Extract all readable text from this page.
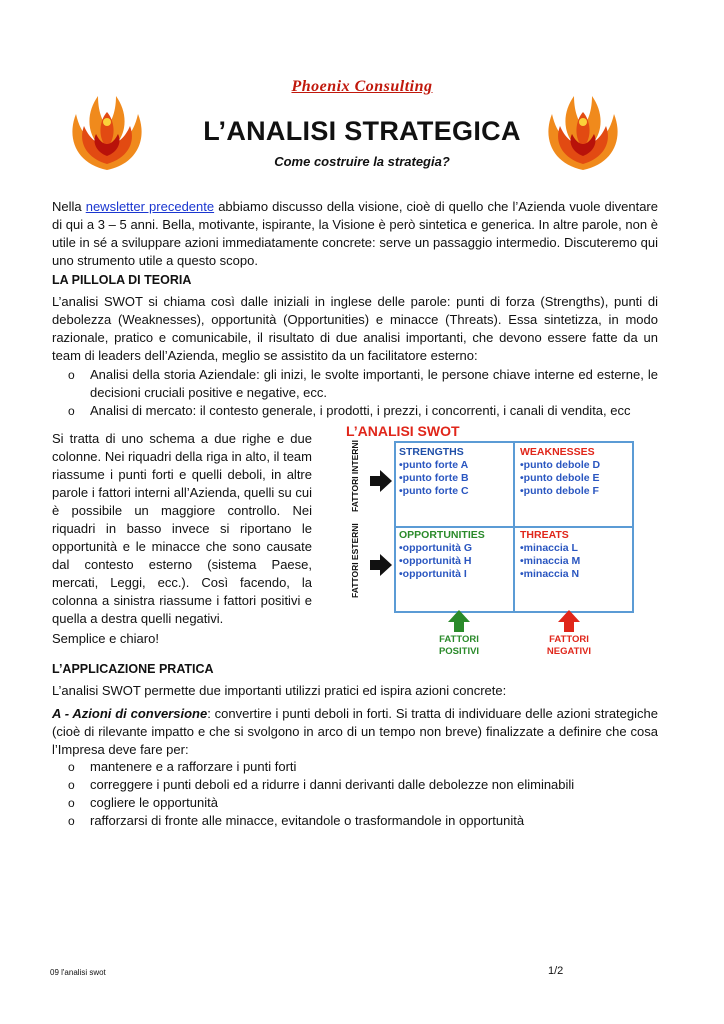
Phoenix Consulting
L’ANALISI STRATEGICA
Come costruire la strategia?
Nella newsletter precedente abbiamo discusso della visione, cioè di quello che l’Azienda vuole diventare di qui a 3 – 5 anni. Bella, motivante, ispirante, la Visione è però sintetica e generica. In altre parole, non è utile in sé a sviluppare azioni immediatamente concrete: serve un passaggio intermedio. Discuteremo qui uno strumento utile a questo scopo.
LA PILLOLA DI TEORIA
L’analisi SWOT si chiama così dalle iniziali in inglese delle parole: punti di forza (Strengths), punti di debolezza (Weaknesses), opportunità (Opportunities) e minacce (Threats). Essa sintetizza, in modo razionale, pratico e comunicabile, il risultato di due analisi importanti, che devono essere fatte da un team di leaders dell’Azienda, meglio se assistito da un facilitatore esterno:
o Analisi della storia Aziendale: gli inizi, le svolte importanti, le persone chiave interne ed esterne, le decisioni cruciali positive e negative, ecc.
o Analisi di mercato: il contesto generale, i prodotti, i prezzi, i concorrenti, i canali di vendita, ecc
Si tratta di uno schema a due righe e due colonne. Nei riquadri della riga in alto, il team riassume i punti forti e quelli deboli, in altre parole i fattori interni all’Azienda, quelli su cui è possibile un maggiore controllo. Nei riquadri in basso invece si riportano le opportunità e le minacce che sono causate dal contesto esterno (sistema Paese, mercati, Leggi, ecc.). Così facendo, la colonna a sinistra riassume i fattori positivi e quella a destra quelli negativi.
Semplice e chiaro!
L’ANALISI SWOT
FATTORI INTERNI
FATTORI ESTERNI
STRENGTHS
•punto forte A
•punto forte B
•punto forte C
WEAKNESSES
•punto debole D
•punto debole E
•punto debole F
OPPORTUNITIES
•opportunità G
•opportunità H
•opportunità I
THREATS
•minaccia L
•minaccia M
•minaccia N
FATTORI
POSITIVI
FATTORI
NEGATIVI
L’APPLICAZIONE PRATICA
L’analisi SWOT permette due importanti utilizzi pratici ed ispira azioni concrete:
A - Azioni di conversione: convertire i punti deboli in forti. Si tratta di individuare delle azioni strategiche (cioè di rilevante impatto e che si svolgono in arco di un tempo non breve) finalizzate a definire che cosa l’Impresa deve fare per:
o mantenere e a rafforzare i punti forti
o correggere i punti deboli ed a ridurre i danni derivanti dalle debolezze non eliminabili
o cogliere le opportunità
o rafforzarsi di fronte alle minacce, evitandole o trasformandole in opportunità
09 l'analisi swot	1/2
